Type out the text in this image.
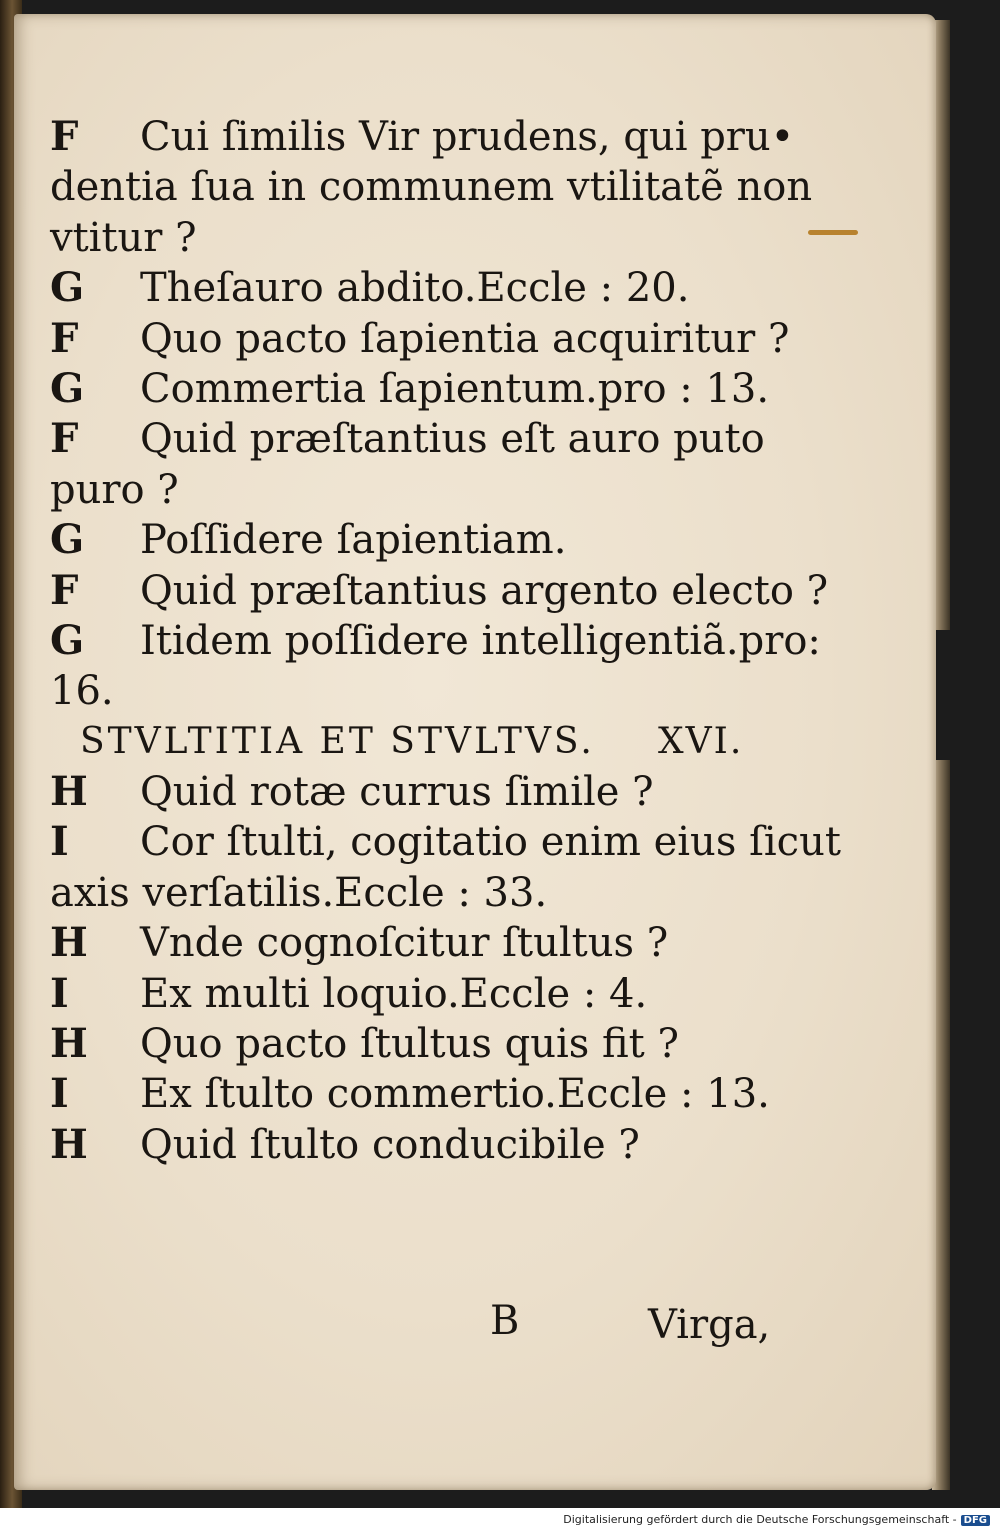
F Cui ſimilis Vir prudens, qui pru•
dentia ſua in communem vtilitatẽ non
vtitur ?
G Theſauro abdito.Eccle : 20.
F Quo pacto ſapientia acquiritur ?
G Commertia ſapientum.pro : 13.
F Quid præſtantius eſt auro puto
puro ?
G Poſſidere ſapientiam.
F Quid præſtantius argento electo ?
G Itidem poſſidere intelligentiã.pro:
16.
STVLTITIA ET STVLTVS. XVI.
H Quid rotæ currus ſimile ?
I Cor ſtulti, cogitatio enim eius ſicut
axis verſatilis.Eccle : 33.
H Vnde cognoſcitur ſtultus ?
I Ex multi loquio.Eccle : 4.
H Quo pacto ſtultus quis fit ?
I Ex ſtulto commertio.Eccle : 13.
H Quid ſtulto conducibile ?
B	Virga,
Digitalisierung gefördert durch die Deutsche Forschungsgemeinschaft - DFG
